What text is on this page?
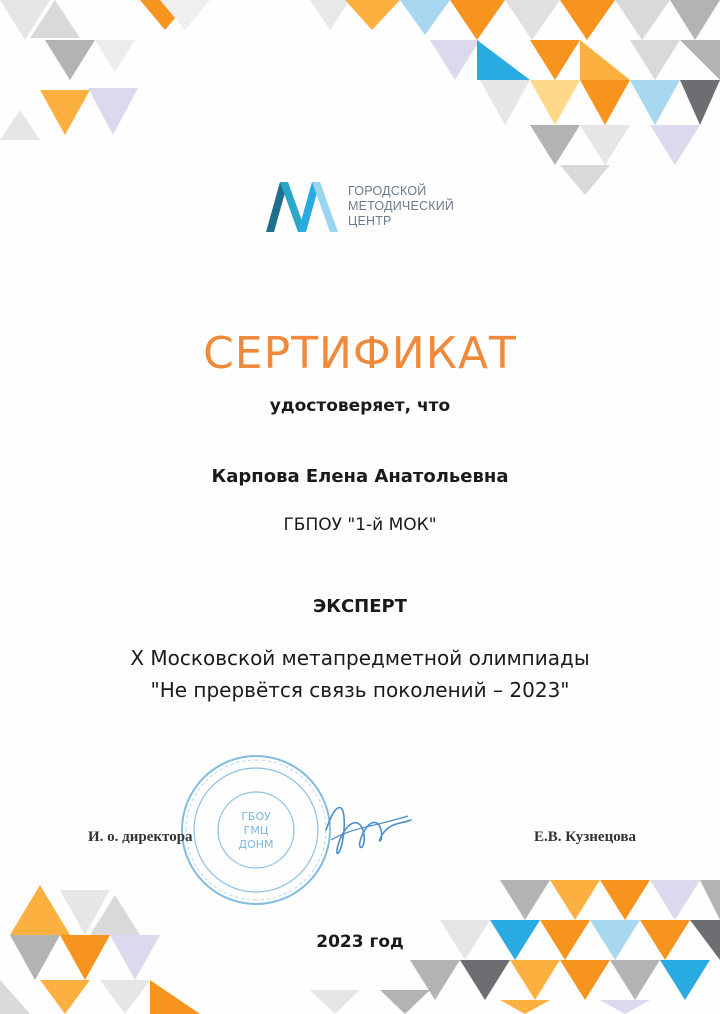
ГОРОДСКОЙ
МЕТОДИЧЕСКИЙ
ЦЕНТР
СЕРТИФИКАТ
удостоверяет, что
Карпова Елена Анатольевна
ГБПОУ "1-й МОК"
ЭКСПЕРТ
X Московской метапредметной олимпиады
"Не прервётся связь поколений – 2023"
ГБОУ
ГМЦ
ДОНМ
И. о. директора	Е.В. Кузнецова
2023 год
